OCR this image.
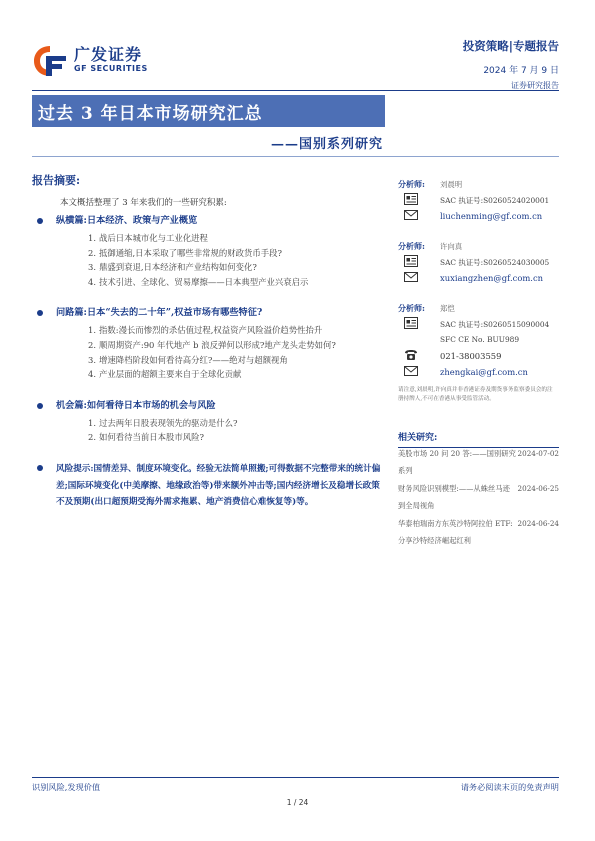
广发证券
GF SECURITIES
投资策略|专题报告
2024 年 7 月 9 日
证券研究报告
过去 3 年日本市场研究汇总
——国别系列研究
报告摘要:
本文概括整理了 3 年来我们的一些研究积累:
纵横篇:日本经济、政策与产业概览
1. 战后日本城市化与工业化进程
2. 抵御通缩,日本采取了哪些非常规的财政货币手段?
3. 鼎盛到衰退,日本经济和产业结构如何变化?
4. 技术引进、全球化、贸易摩擦——日本典型产业兴衰启示
问路篇:日本“失去的二十年”,权益市场有哪些特征?
1. 指数:漫长而惨烈的杀估值过程,权益资产风险溢价趋势性抬升
2. 顺周期资产:90 年代地产 b 浪反弹何以形成?地产龙头走势如何?
3. 增速降档阶段如何看待高分红?——绝对与超额视角
4. 产业层面的超额主要来自于全球化贡献
机会篇:如何看待日本市场的机会与风险
1. 过去两年日股表现领先的驱动是什么?
2. 如何看待当前日本股市风险?
风险提示:国情差异、制度环境变化。经验无法简单照搬;可得数据不完整带来的统计偏差;国际环境变化(中美摩擦、地缘政治等)带来额外冲击等;国内经济增长及稳增长政策不及预期(出口超预期受海外需求拖累、地产消费信心难恢复等)等。
分析师: 刘晨明
SAC 执证号:S0260524020001
liuchenming@gf.com.cn
分析师: 许向真
SAC 执证号:S0260524030005
xuxiangzhen@gf.com.cn
分析师: 郑恺
SAC 执证号:S0260515090004
SFC CE No. BUU989
021-38003559
zhengkai@gf.com.cn
请注意,刘晨明,许向真并非香港证券及期货事务监察委员会的注册持牌人,不可在香港从事受监管活动。
相关研究:
美股市场 20 问 20 答:——国别研究系列
2024-07-02
财务风险识别模型:——从蛛丝马迹到全局视角
2024-06-25
华泰柏瑞南方东英沙特阿拉伯 ETF:分享沙特经济崛起红利
2024-06-24
识别风险,发现价值	请务必阅读末页的免责声明
1 / 24
